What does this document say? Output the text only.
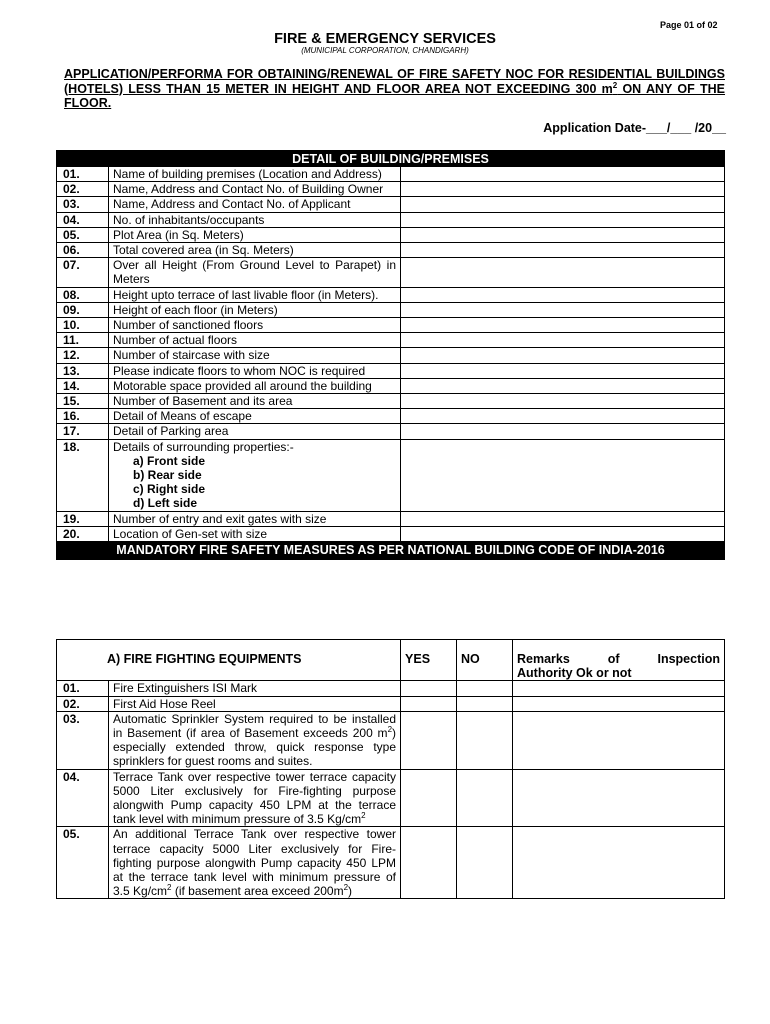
Page 01 of 02
FIRE & EMERGENCY SERVICES
(MUNICIPAL CORPORATION, CHANDIGARH)
APPLICATION/PERFORMA FOR OBTAINING/RENEWAL OF FIRE SAFETY NOC FOR RESIDENTIAL BUILDINGS (HOTELS) LESS THAN 15 METER IN HEIGHT AND FLOOR AREA NOT EXCEEDING 300 $m^2$ ON ANY OF THE FLOOR.
Application Date-___/___ /20__
DETAIL OF BUILDING/PREMISES		
01.	Name of building premises (Location and Address)	
02.	Name, Address and Contact No. of Building Owner	
03.	Name, Address and Contact No. of Applicant	
04.	No. of inhabitants/occupants	
05.	Plot Area (in Sq. Meters)	
06.	Total covered area (in Sq. Meters)	
07.	Over all Height (From Ground Level to Parapet) in Meters	
08.	Height upto terrace of last livable floor (in Meters).	
09.	Height of each floor (in Meters)	
10.	Number of sanctioned floors	
11.	Number of actual floors	
12.	Number of staircase with size	
13.	Please indicate floors to whom NOC is required	
14.	Motorable space provided all around the building	
15.	Number of Basement and its area	
16.	Detail of Means of escape	
17.	Detail of Parking area	
18.	Details of surrounding properties:-
a) Front side
b) Rear side
c) Right side
d) Left side	

19.	Number of entry and exit gates with size	
20.	Location of Gen-set with size	
MANDATORY FIRE SAFETY MEASURES AS PER NATIONAL BUILDING CODE OF INDIA-2016		
A) FIRE FIGHTING EQUIPMENTS		YES	NO	Remarks of Inspection
Authority Ok or not

01.	Fire Extinguishers ISI Mark			
02.	First Aid Hose Reel			
03.	Automatic Sprinkler System required to be installed in Basement (if area of Basement exceeds 200 $m^2$) especially extended throw, quick response type sprinklers for guest rooms and suites.			
04.	Terrace Tank over respective tower terrace capacity 5000 Liter exclusively for Fire-fighting purpose alongwith Pump capacity 450 LPM at the terrace tank level with minimum pressure of 3.5 $Kg/cm^2$			
05.	An additional Terrace Tank over respective tower terrace capacity 5000 Liter exclusively for Fire-fighting purpose alongwith Pump capacity 450 LPM at the terrace tank level with minimum pressure of 3.5 $Kg/cm^2$ (if basement area exceed $200m^2$)			
